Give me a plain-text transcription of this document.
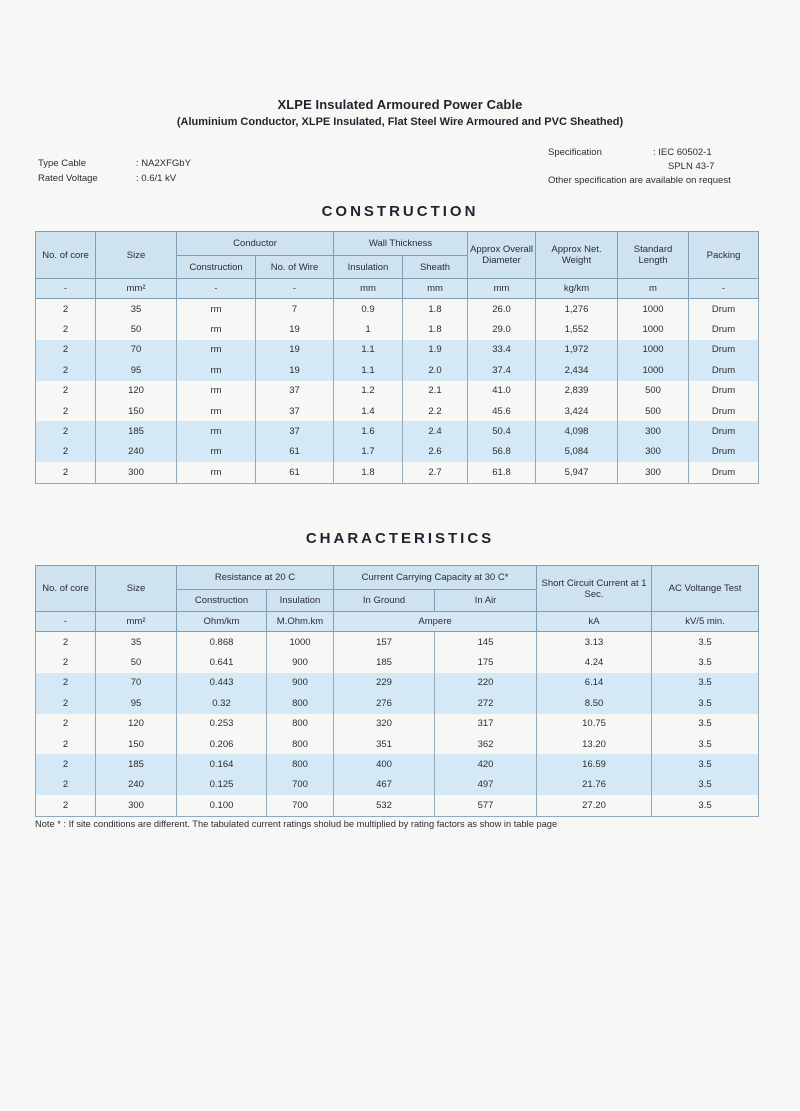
XLPE Insulated Armoured Power Cable
(Aluminium Conductor, XLPE Insulated, Flat Steel Wire Armoured and PVC Sheathed)
Type Cable	: NA2XFGbY
Rated Voltage	: 0.6/1 kV
Specification	: IEC 60502-1
SPLN 43-7
Other specification are available on request
CONSTRUCTION
No. of core	Size	Conductor		Wall Thickness		Approx Overall Diameter	Approx Net. Weight	Standard Length	Packing
		Construction	No. of Wire	Insulation	Sheath				
-	mm²	-	-	mm	mm	mm	kg/km	m	-
2	35	rm	7	0.9	1.8	26.0	1,276	1000	Drum
2	50	rm	19	1	1.8	29.0	1,552	1000	Drum
2	70	rm	19	1.1	1.9	33.4	1,972	1000	Drum
2	95	rm	19	1.1	2.0	37.4	2,434	1000	Drum
2	120	rm	37	1.2	2.1	41.0	2,839	500	Drum
2	150	rm	37	1.4	2.2	45.6	3,424	500	Drum
2	185	rm	37	1.6	2.4	50.4	4,098	300	Drum
2	240	rm	61	1.7	2.6	56.8	5,084	300	Drum
2	300	rm	61	1.8	2.7	61.8	5,947	300	Drum
CHARACTERISTICS
No. of core	Size	Resistance at 20 C		Current Carrying Capacity at 30 C*		Short Circuit Current at 1 Sec.	AC Voltange Test
		Construction	Insulation	In Ground	In Air		
-	mm²	Ohm/km	M.Ohm.km	Ampere		kA	kV/5 min.
2	35	0.868	1000	157	145	3.13	3.5
2	50	0.641	900	185	175	4.24	3.5
2	70	0.443	900	229	220	6.14	3.5
2	95	0.32	800	276	272	8.50	3.5
2	120	0.253	800	320	317	10.75	3.5
2	150	0.206	800	351	362	13.20	3.5
2	185	0.164	800	400	420	16.59	3.5
2	240	0.125	700	467	497	21.76	3.5
2	300	0.100	700	532	577	27.20	3.5
Note * : If site conditions are different. The tabulated current ratings sholud be multiplied by rating factors as show in table page
